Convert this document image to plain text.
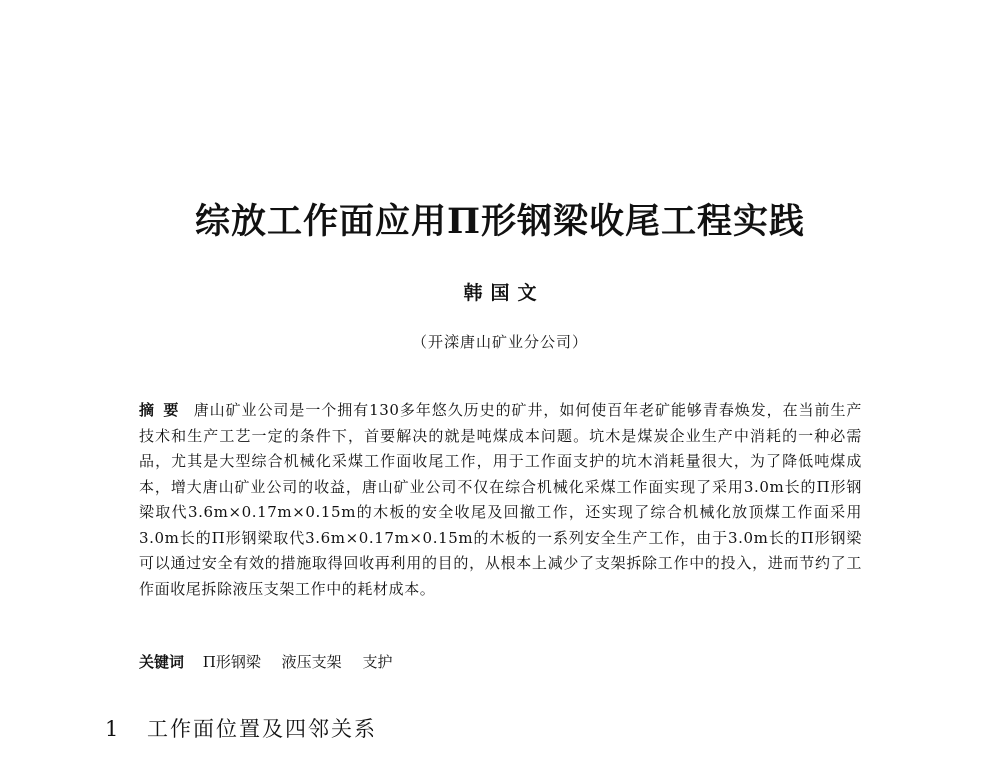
综放工作面应用Π形钢梁收尾工程实践
韩国文
（开滦唐山矿业分公司）
摘要 唐山矿业公司是一个拥有130多年悠久历史的矿井，如何使百年老矿能够青春焕发，在当前生产技术和生产工艺一定的条件下，首要解决的就是吨煤成本问题。坑木是煤炭企业生产中消耗的一种必需品，尤其是大型综合机械化采煤工作面收尾工作，用于工作面支护的坑木消耗量很大，为了降低吨煤成本，增大唐山矿业公司的收益，唐山矿业公司不仅在综合机械化采煤工作面实现了采用3.0m长的Π形钢梁取代3.6m×0.17m×0.15m的木板的安全收尾及回撤工作，还实现了综合机械化放顶煤工作面采用3.0m长的Π形钢梁取代3.6m×0.17m×0.15m的木板的一系列安全生产工作，由于3.0m长的Π形钢梁可以通过安全有效的措施取得回收再利用的目的，从根本上减少了支架拆除工作中的投入，进而节约了工作面收尾拆除液压支架工作中的耗材成本。
关键词 Π形钢梁 液压支架 支护
1 工作面位置及四邻关系
